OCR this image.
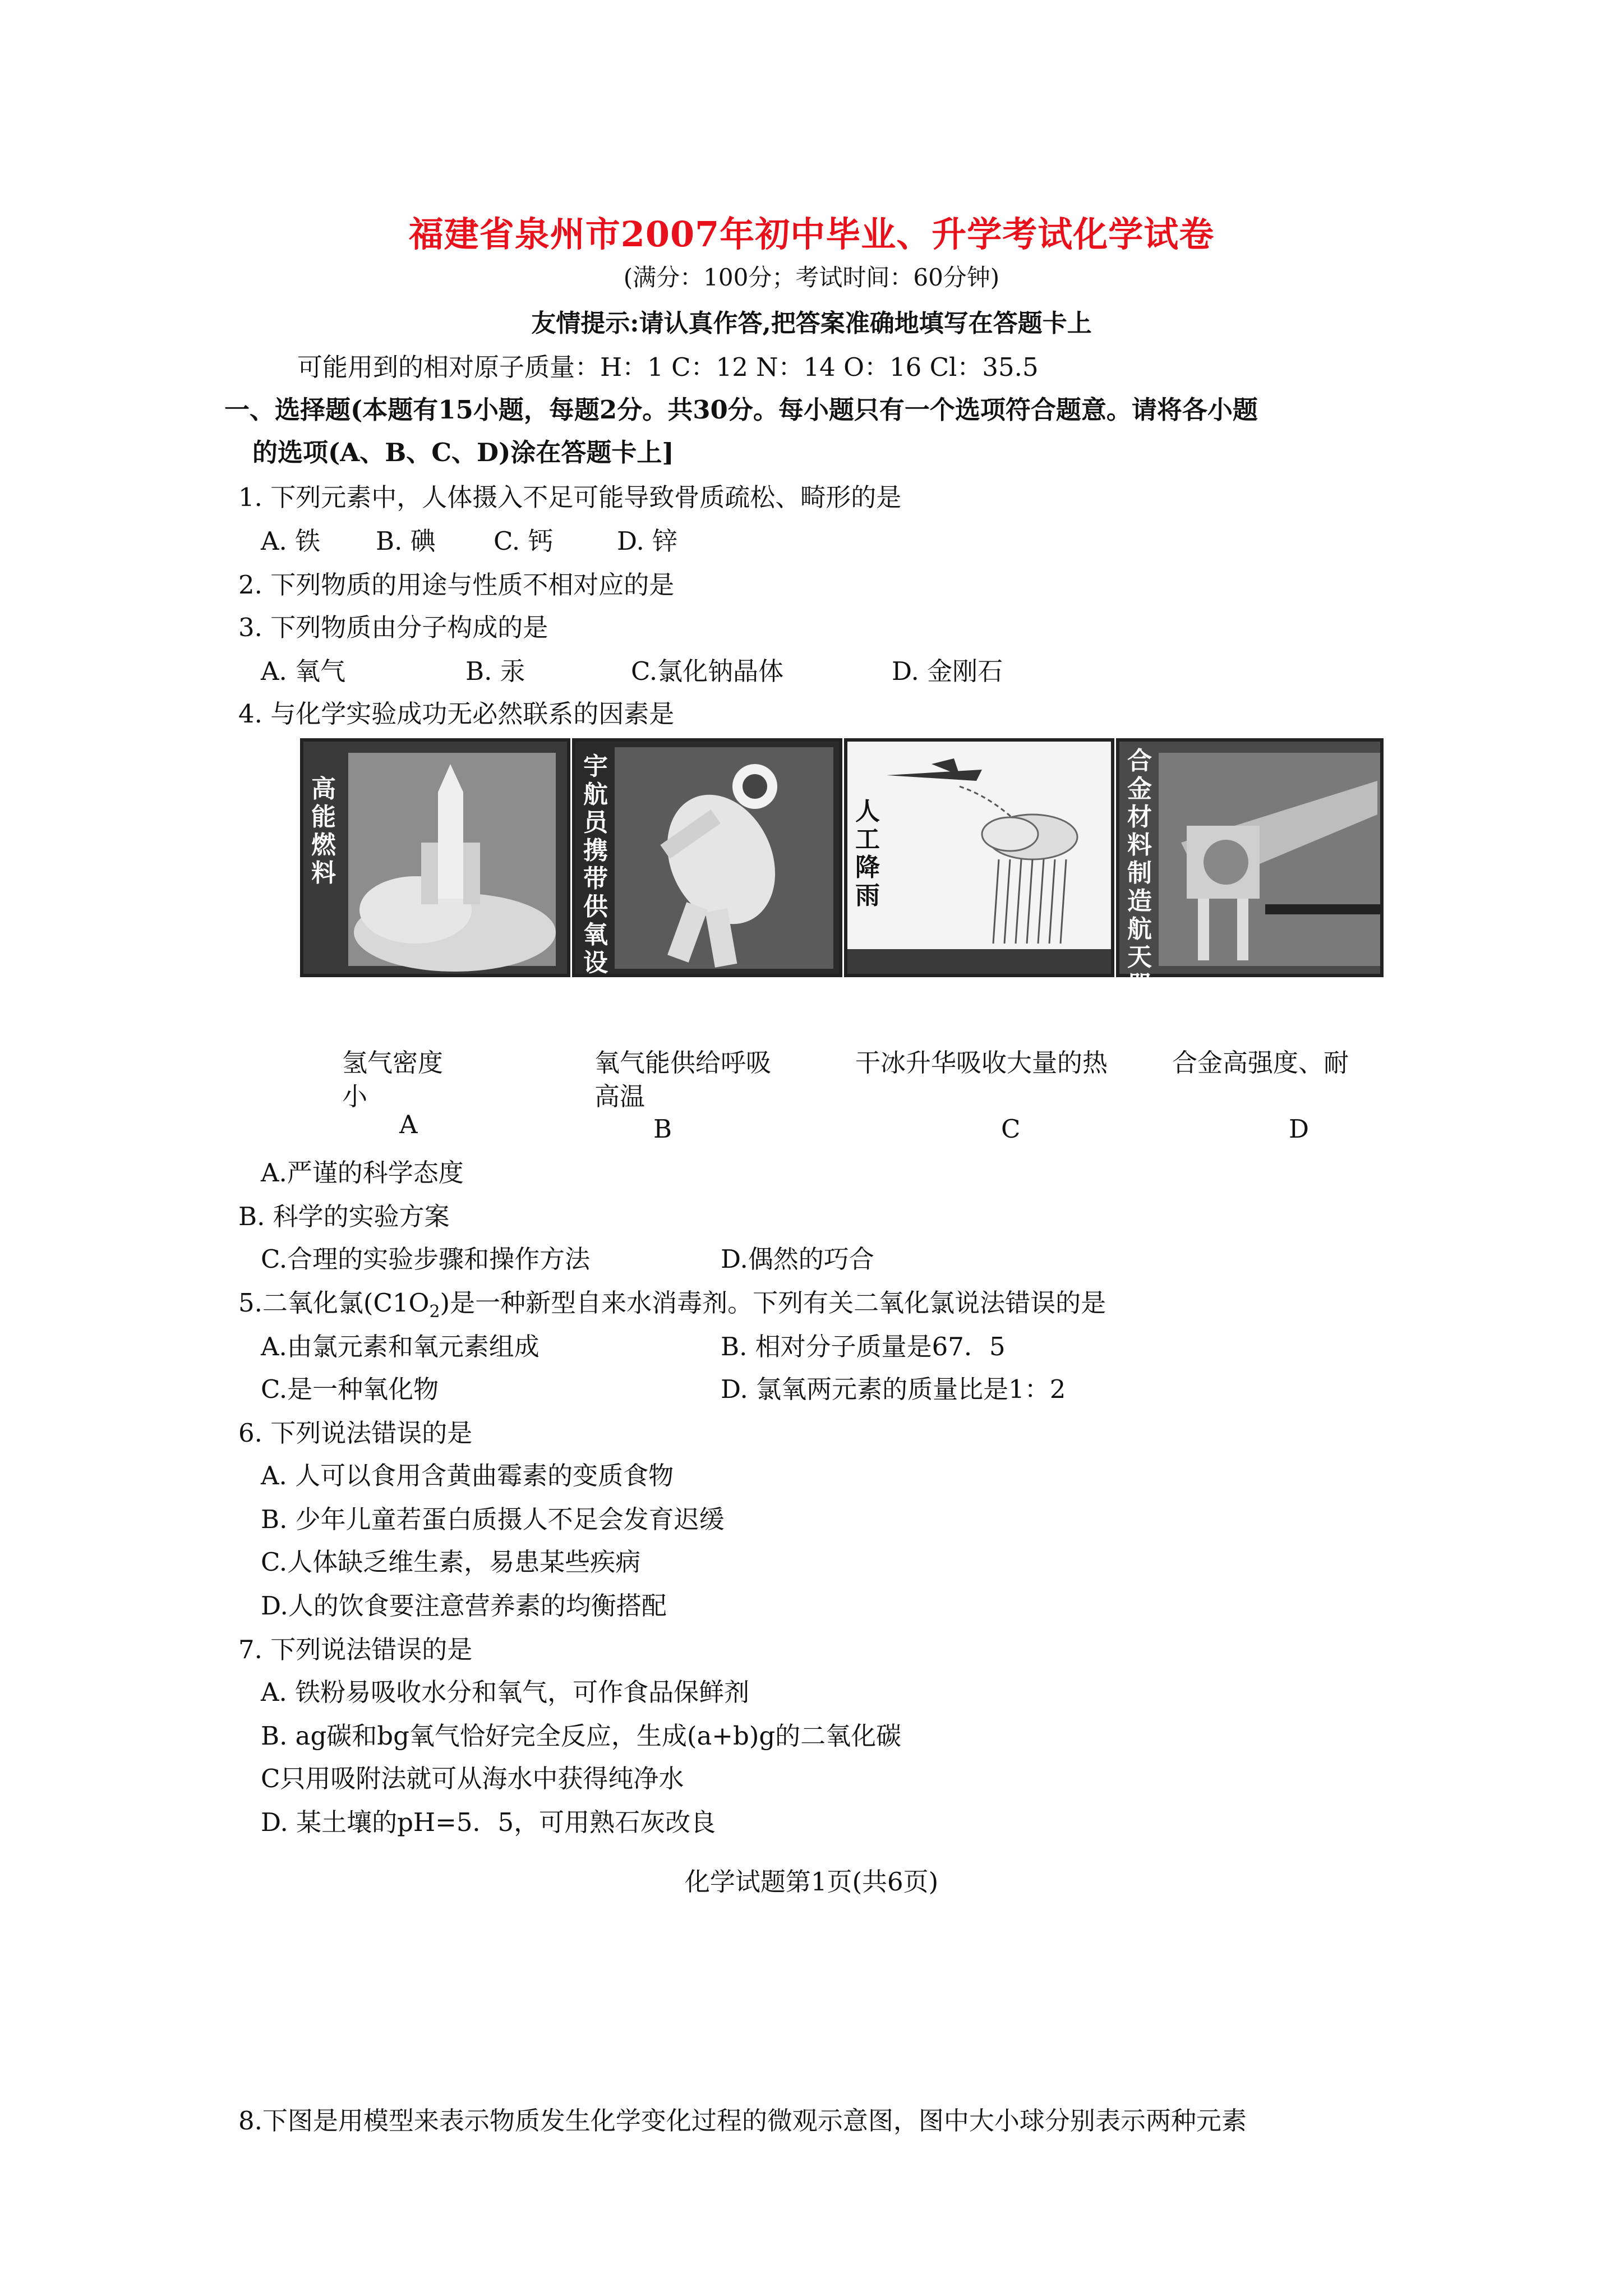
福建省泉州市2007年初中毕业、升学考试化学试卷
(满分：100分；考试时间：60分钟)
友情提示:请认真作答,把答案准确地填写在答题卡上
可能用到的相对原子质量：H：1 C：12 N：14 O：16 Cl：35.5
一、选择题(本题有15小题，每题2分。共30分。每小题只有一个选项符合题意。请将各小题
的选项(A、B、C、D)涂在答题卡上]
1. 下列元素中，人体摄入不足可能导致骨质疏松、畸形的是
A. 铁 B. 碘 C. 钙	D. 锌
2. 下列物质的用途与性质不相对应的是
3. 下列物质由分子构成的是
A. 氧气	B. 汞	C.氯化钠晶体	D. 金刚石
4. 与化学实验成功无必然联系的因素是
高能燃料
宇航员携带供氧设备
人工降雨
合金材料制造航天器
氢气密度
小
A
氧气能供给呼吸
高温
B
干冰升华吸收大量的热
C
合金高强度、耐
D
A.严谨的科学态度
B. 科学的实验方案
C.合理的实验步骤和操作方法	D.偶然的巧合
5.二氧化氯$(C1O_2)$是一种新型自来水消毒剂。下列有关二氧化氯说法错误的是
A.由氯元素和氧元素组成	B. 相对分子质量是67．5
C.是一种氧化物	D. 氯氧两元素的质量比是1：2
6. 下列说法错误的是
A. 人可以食用含黄曲霉素的变质食物
B. 少年儿童若蛋白质摄人不足会发育迟缓
C.人体缺乏维生素，易患某些疾病
D.人的饮食要注意营养素的均衡搭配
7. 下列说法错误的是
A. 铁粉易吸收水分和氧气，可作食品保鲜剂
B. ag碳和bg氧气恰好完全反应，生成(a+b)g的二氧化碳
C只用吸附法就可从海水中获得纯净水
D. 某土壤的pH=5．5，可用熟石灰改良
化学试题第1页(共6页)
8.下图是用模型来表示物质发生化学变化过程的微观示意图，图中大小球分别表示两种元素
